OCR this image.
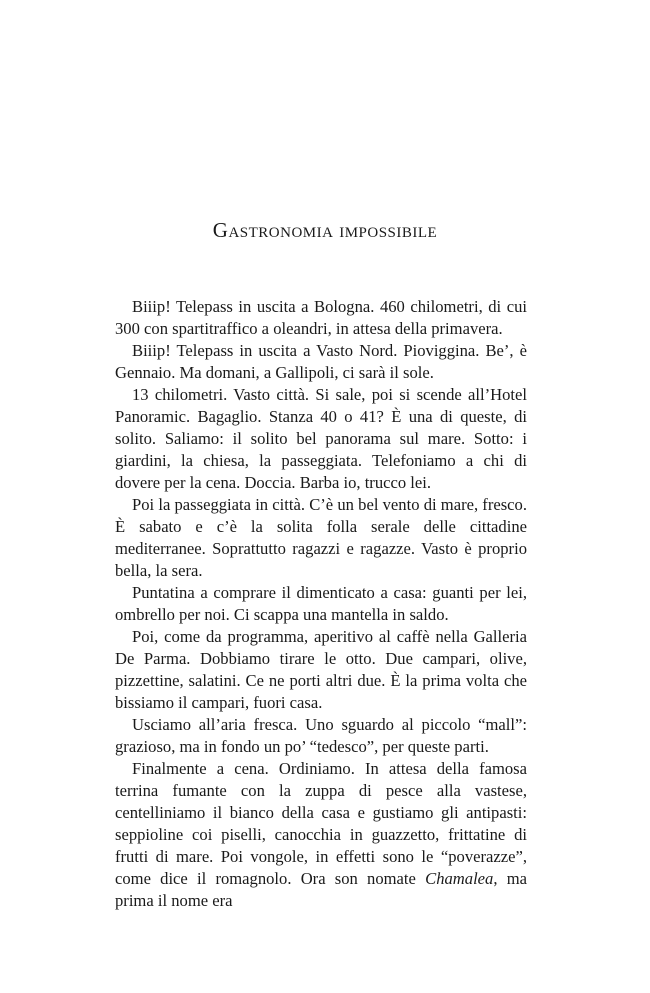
Gastronomia impossibile

Biiip! Telepass in uscita a Bologna. 460 chilometri, di cui 300 con spartitraffico a oleandri, in attesa della primavera.

Biiip! Telepass in uscita a Vasto Nord. Pioviggina. Be’, è Gennaio. Ma domani, a Gallipoli, ci sarà il sole.

13 chilometri. Vasto città. Si sale, poi si scende all’Hotel Panoramic. Bagaglio. Stanza 40 o 41? È una di queste, di solito. Saliamo: il solito bel panorama sul mare. Sotto: i giardini, la chiesa, la passeggiata. Telefoniamo a chi di dovere per la cena. Doccia. Barba io, trucco lei.

Poi la passeggiata in città. C’è un bel vento di mare, fresco. È sabato e c’è la solita folla serale delle cittadine mediterranee. Soprattutto ragazzi e ragazze. Vasto è proprio bella, la sera.

Puntatina a comprare il dimenticato a casa: guanti per lei, ombrello per noi. Ci scappa una mantella in saldo.

Poi, come da programma, aperitivo al caffè nella Galleria De Parma. Dobbiamo tirare le otto. Due campari, olive, pizzettine, salatini. Ce ne porti altri due. È la prima volta che bissiamo il campari, fuori casa.

Usciamo all’aria fresca. Uno sguardo al piccolo “mall”: grazioso, ma in fondo un po’ “tedesco”, per queste parti.

Finalmente a cena. Ordiniamo. In attesa della famosa terrina fumante con la zuppa di pesce alla vastese, centelliniamo il bianco della casa e gustiamo gli antipasti: seppioline coi piselli, canocchia in guazzetto, frittatine di frutti di mare. Poi vongole, in effetti sono le “poverazze”, come dice il romagnolo. Ora son nomate Chamalea, ma prima il nome era
